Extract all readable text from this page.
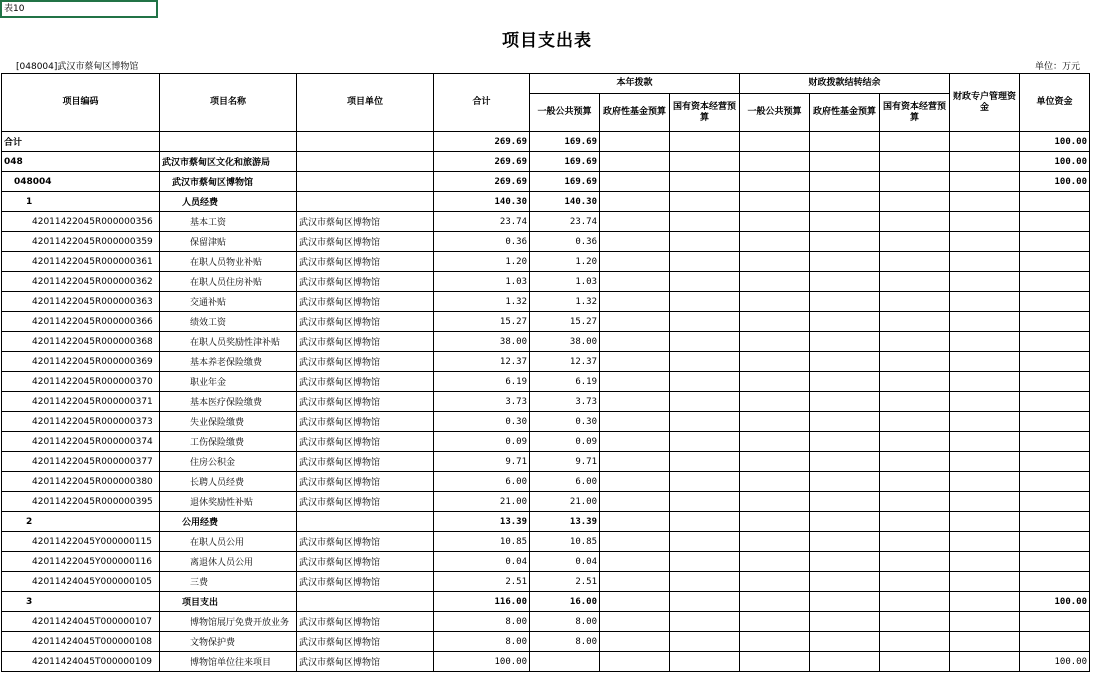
表10
项目支出表
[048004]武汉市蔡甸区博物馆	单位：万元
项目编码	项目名称	项目单位	合计	本年拨款			财政拨款结转结余			财政专户管理资金	单位资金
				一般公共预算	政府性基金预算	国有资本经营预算	一般公共预算	政府性基金预算	国有资本经营预算		
合计			269.69	169.69							100.00
048	武汉市蔡甸区文化和旅游局		269.69	169.69							100.00
048004	武汉市蔡甸区博物馆		269.69	169.69							100.00
1	人员经费		140.30	140.30							
42011422045R000000356	基本工资	武汉市蔡甸区博物馆	23.74	23.74							
42011422045R000000359	保留津贴	武汉市蔡甸区博物馆	0.36	0.36							
42011422045R000000361	在职人员物业补贴	武汉市蔡甸区博物馆	1.20	1.20							
42011422045R000000362	在职人员住房补贴	武汉市蔡甸区博物馆	1.03	1.03							
42011422045R000000363	交通补贴	武汉市蔡甸区博物馆	1.32	1.32							
42011422045R000000366	绩效工资	武汉市蔡甸区博物馆	15.27	15.27							
42011422045R000000368	在职人员奖励性津补贴	武汉市蔡甸区博物馆	38.00	38.00							
42011422045R000000369	基本养老保险缴费	武汉市蔡甸区博物馆	12.37	12.37							
42011422045R000000370	职业年金	武汉市蔡甸区博物馆	6.19	6.19							
42011422045R000000371	基本医疗保险缴费	武汉市蔡甸区博物馆	3.73	3.73							
42011422045R000000373	失业保险缴费	武汉市蔡甸区博物馆	0.30	0.30							
42011422045R000000374	工伤保险缴费	武汉市蔡甸区博物馆	0.09	0.09							
42011422045R000000377	住房公积金	武汉市蔡甸区博物馆	9.71	9.71							
42011422045R000000380	长聘人员经费	武汉市蔡甸区博物馆	6.00	6.00							
42011422045R000000395	退休奖励性补贴	武汉市蔡甸区博物馆	21.00	21.00							
2	公用经费		13.39	13.39							
42011422045Y000000115	在职人员公用	武汉市蔡甸区博物馆	10.85	10.85							
42011422045Y000000116	离退休人员公用	武汉市蔡甸区博物馆	0.04	0.04							
42011424045Y000000105	三费	武汉市蔡甸区博物馆	2.51	2.51							
3	项目支出		116.00	16.00							100.00
42011424045T000000107	博物馆展厅免费开放业务	武汉市蔡甸区博物馆	8.00	8.00							
42011424045T000000108	文物保护费	武汉市蔡甸区博物馆	8.00	8.00							
42011424045T000000109	博物馆单位往来项目	武汉市蔡甸区博物馆	100.00								100.00
